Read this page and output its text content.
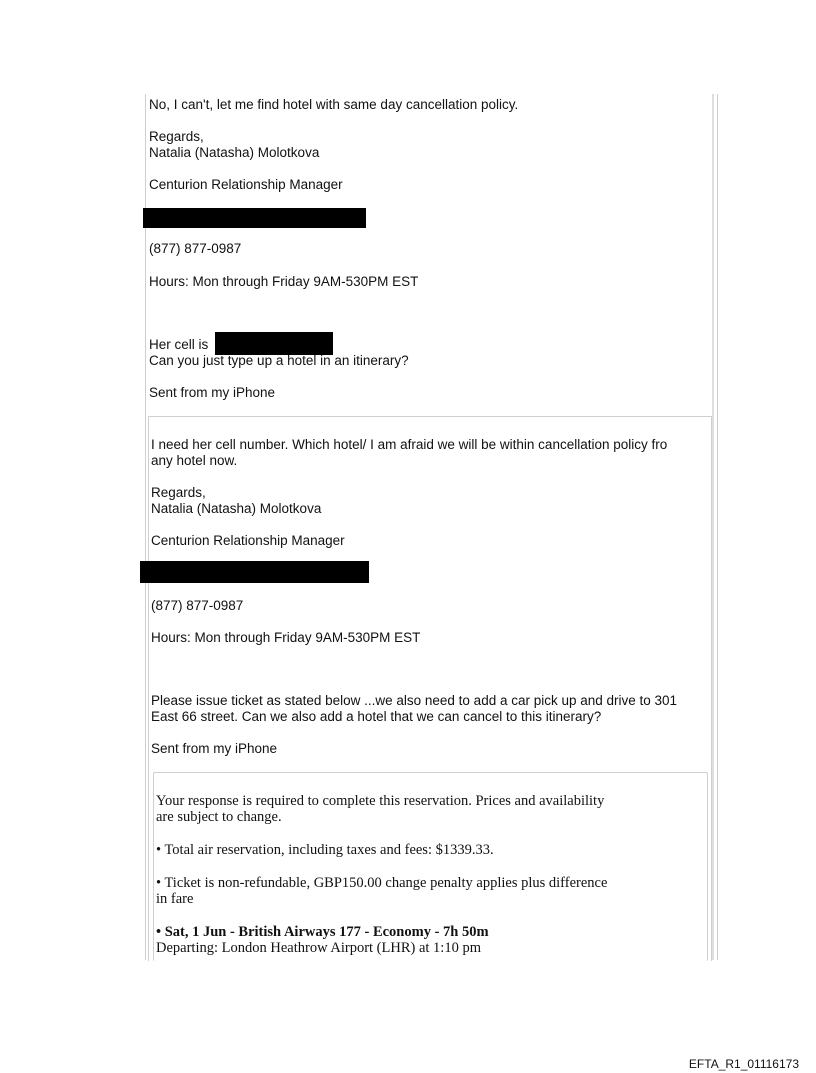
No, I can't, let me find hotel with same day cancellation policy.

Regards,

Natalia (Natasha) Molotkova

Centurion Relationship Manager

(877) 877-0987

Hours: Mon through Friday 9AM-530PM EST

Her cell is

Can you just type up a hotel in an itinerary?

Sent from my iPhone

I need her cell number. Which hotel/ I am afraid we will be within cancellation policy fro

any hotel now.

Regards,

Natalia (Natasha) Molotkova

Centurion Relationship Manager

(877) 877-0987

Hours: Mon through Friday 9AM-530PM EST

Please issue ticket as stated below ...we also need to add a car pick up and drive to 301

East 66 street. Can we also add a hotel that we can cancel to this itinerary?

Sent from my iPhone

Your response is required to complete this reservation. Prices and availability

are subject to change.

• Total air reservation, including taxes and fees: $1339.33.

• Ticket is non-refundable, GBP150.00 change penalty applies plus difference

in fare

• Sat, 1 Jun - British Airways 177 - Economy - 7h 50m

Departing: London Heathrow Airport (LHR) at 1:10 pm

EFTA_R1_01116173
